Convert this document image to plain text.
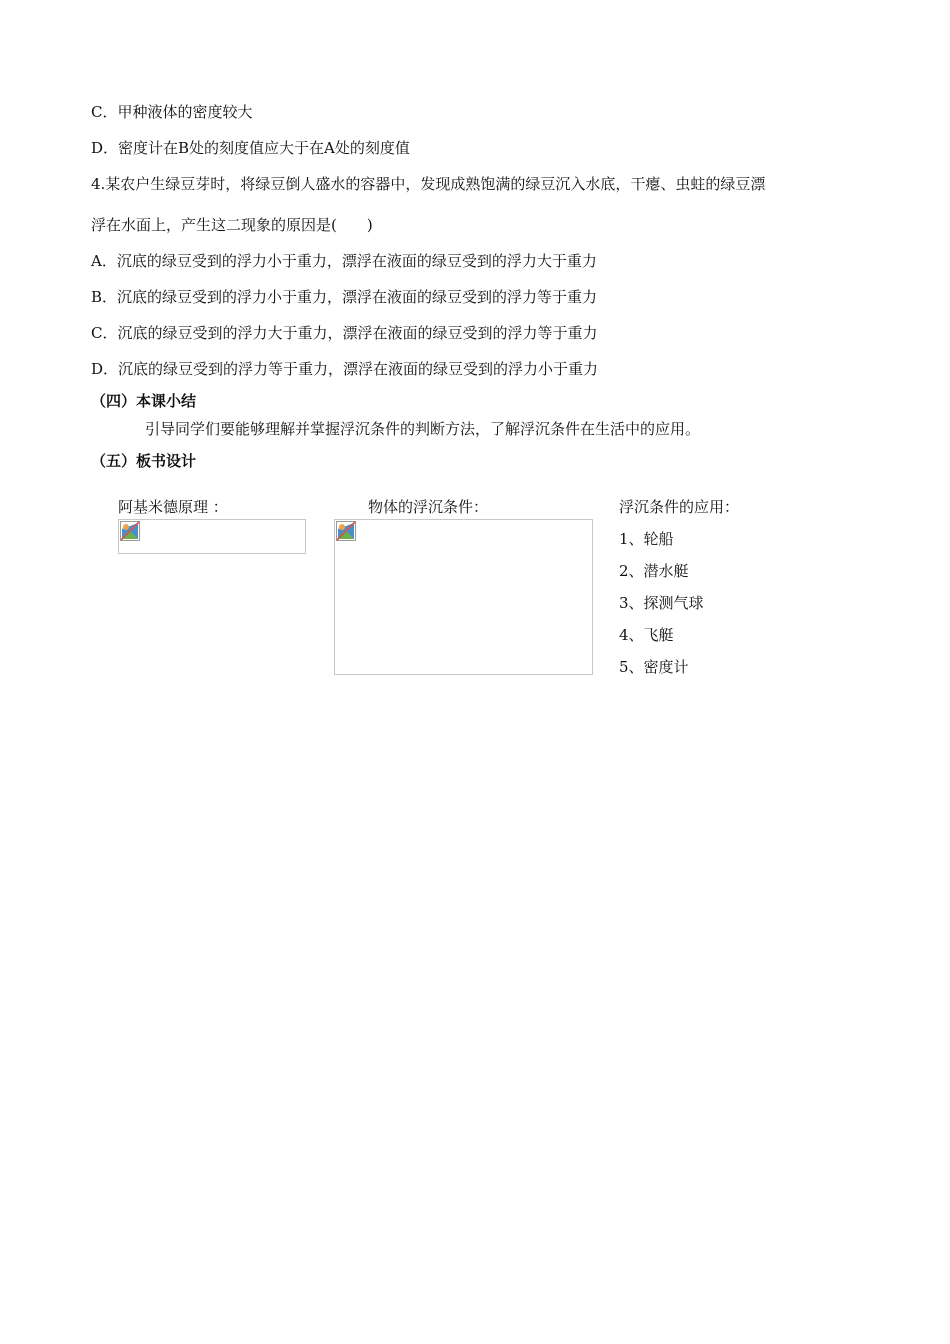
C．甲种液体的密度较大
D．密度计在B处的刻度值应大于在A处的刻度值
4.某农户生绿豆芽时，将绿豆倒人盛水的容器中，发现成熟饱满的绿豆沉入水底，干瘪、虫蛀的绿豆漂
浮在水面上，产生这二现象的原因是(　　)
A．沉底的绿豆受到的浮力小于重力，漂浮在液面的绿豆受到的浮力大于重力
B．沉底的绿豆受到的浮力小于重力，漂浮在液面的绿豆受到的浮力等于重力
C．沉底的绿豆受到的浮力大于重力，漂浮在液面的绿豆受到的浮力等于重力
D．沉底的绿豆受到的浮力等于重力，漂浮在液面的绿豆受到的浮力小于重力
（四）本课小结
引导同学们要能够理解并掌握浮沉条件的判断方法，了解浮沉条件在生活中的应用。
（五）板书设计
阿基米德原理 ：	物体的浮沉条件：	浮沉条件的应用：
1、轮船
2、潜水艇
3、探测气球
4、飞艇
5、密度计
